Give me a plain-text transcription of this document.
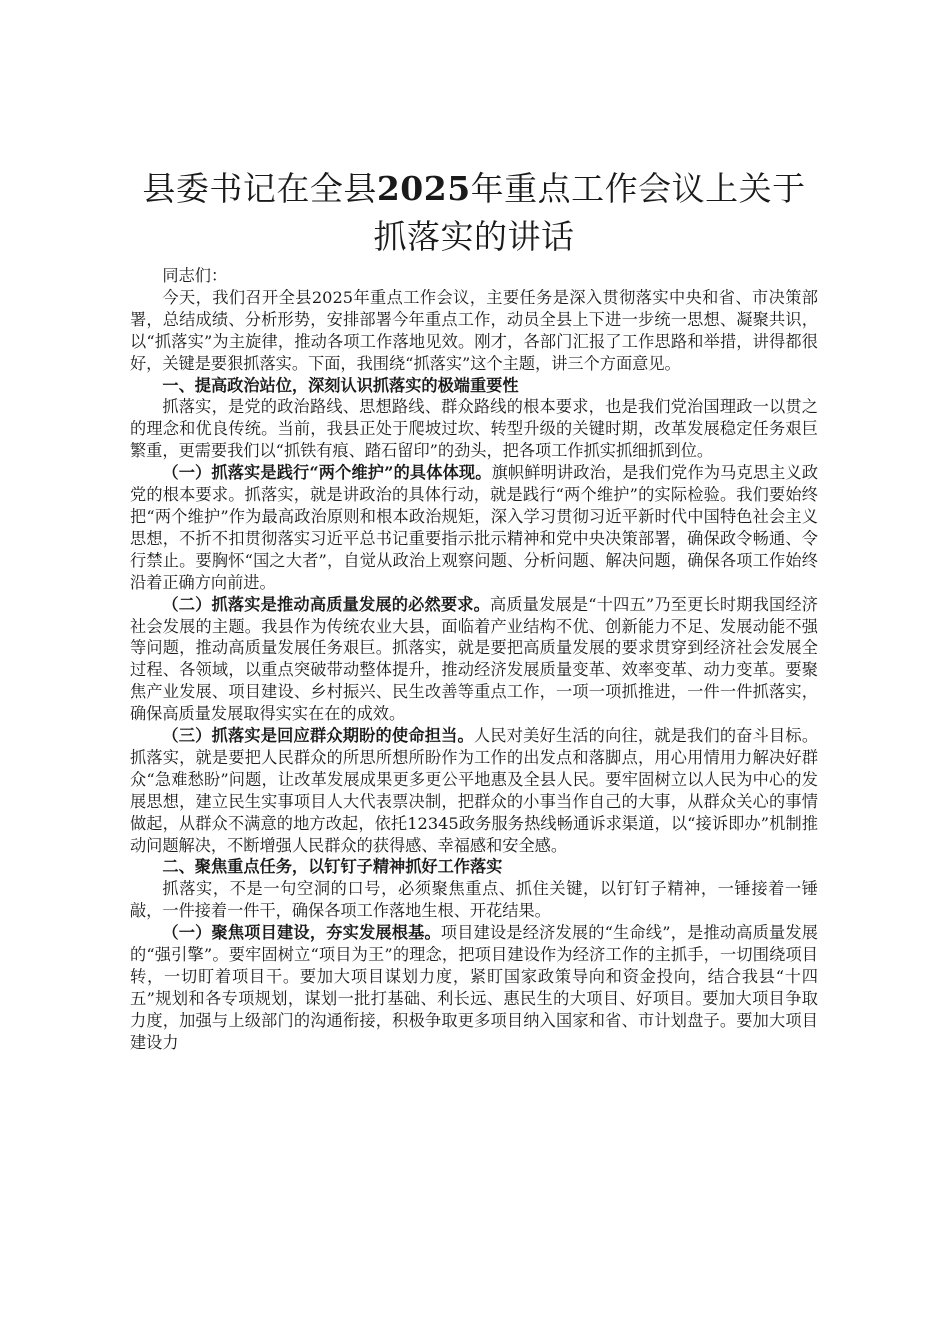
县委书记在全县2025年重点工作会议上关于抓落实的讲话

同志们：

今天，我们召开全县2025年重点工作会议，主要任务是深入贯彻落实中央和省、市决策部署，总结成绩、分析形势，安排部署今年重点工作，动员全县上下进一步统一思想、凝聚共识，以“抓落实”为主旋律，推动各项工作落地见效。刚才，各部门汇报了工作思路和举措，讲得都很好，关键是要狠抓落实。下面，我围绕“抓落实”这个主题，讲三个方面意见。

一、提高政治站位，深刻认识抓落实的极端重要性

抓落实，是党的政治路线、思想路线、群众路线的根本要求，也是我们党治国理政一以贯之的理念和优良传统。当前，我县正处于爬坡过坎、转型升级的关键时期，改革发展稳定任务艰巨繁重，更需要我们以“抓铁有痕、踏石留印”的劲头，把各项工作抓实抓细抓到位。

（一）抓落实是践行“两个维护”的具体体现。旗帜鲜明讲政治，是我们党作为马克思主义政党的根本要求。抓落实，就是讲政治的具体行动，就是践行“两个维护”的实际检验。我们要始终把“两个维护”作为最高政治原则和根本政治规矩，深入学习贯彻习近平新时代中国特色社会主义思想，不折不扣贯彻落实习近平总书记重要指示批示精神和党中央决策部署，确保政令畅通、令行禁止。要胸怀“国之大者”，自觉从政治上观察问题、分析问题、解决问题，确保各项工作始终沿着正确方向前进。

（二）抓落实是推动高质量发展的必然要求。高质量发展是“十四五”乃至更长时期我国经济社会发展的主题。我县作为传统农业大县，面临着产业结构不优、创新能力不足、发展动能不强等问题，推动高质量发展任务艰巨。抓落实，就是要把高质量发展的要求贯穿到经济社会发展全过程、各领域，以重点突破带动整体提升，推动经济发展质量变革、效率变革、动力变革。要聚焦产业发展、项目建设、乡村振兴、民生改善等重点工作，一项一项抓推进，一件一件抓落实，确保高质量发展取得实实在在的成效。

（三）抓落实是回应群众期盼的使命担当。人民对美好生活的向往，就是我们的奋斗目标。抓落实，就是要把人民群众的所思所想所盼作为工作的出发点和落脚点，用心用情用力解决好群众“急难愁盼”问题，让改革发展成果更多更公平地惠及全县人民。要牢固树立以人民为中心的发展思想，建立民生实事项目人大代表票决制，把群众的小事当作自己的大事，从群众关心的事情做起，从群众不满意的地方改起，依托12345政务服务热线畅通诉求渠道，以“接诉即办”机制推动问题解决，不断增强人民群众的获得感、幸福感和安全感。

二、聚焦重点任务，以钉钉子精神抓好工作落实

抓落实，不是一句空洞的口号，必须聚焦重点、抓住关键，以钉钉子精神，一锤接着一锤敲，一件接着一件干，确保各项工作落地生根、开花结果。

（一）聚焦项目建设，夯实发展根基。项目建设是经济发展的“生命线”，是推动高质量发展的“强引擎”。要牢固树立“项目为王”的理念，把项目建设作为经济工作的主抓手，一切围绕项目转，一切盯着项目干。要加大项目谋划力度，紧盯国家政策导向和资金投向，结合我县“十四五”规划和各专项规划，谋划一批打基础、利长远、惠民生的大项目、好项目。要加大项目争取力度，加强与上级部门的沟通衔接，积极争取更多项目纳入国家和省、市计划盘子。要加大项目建设力
